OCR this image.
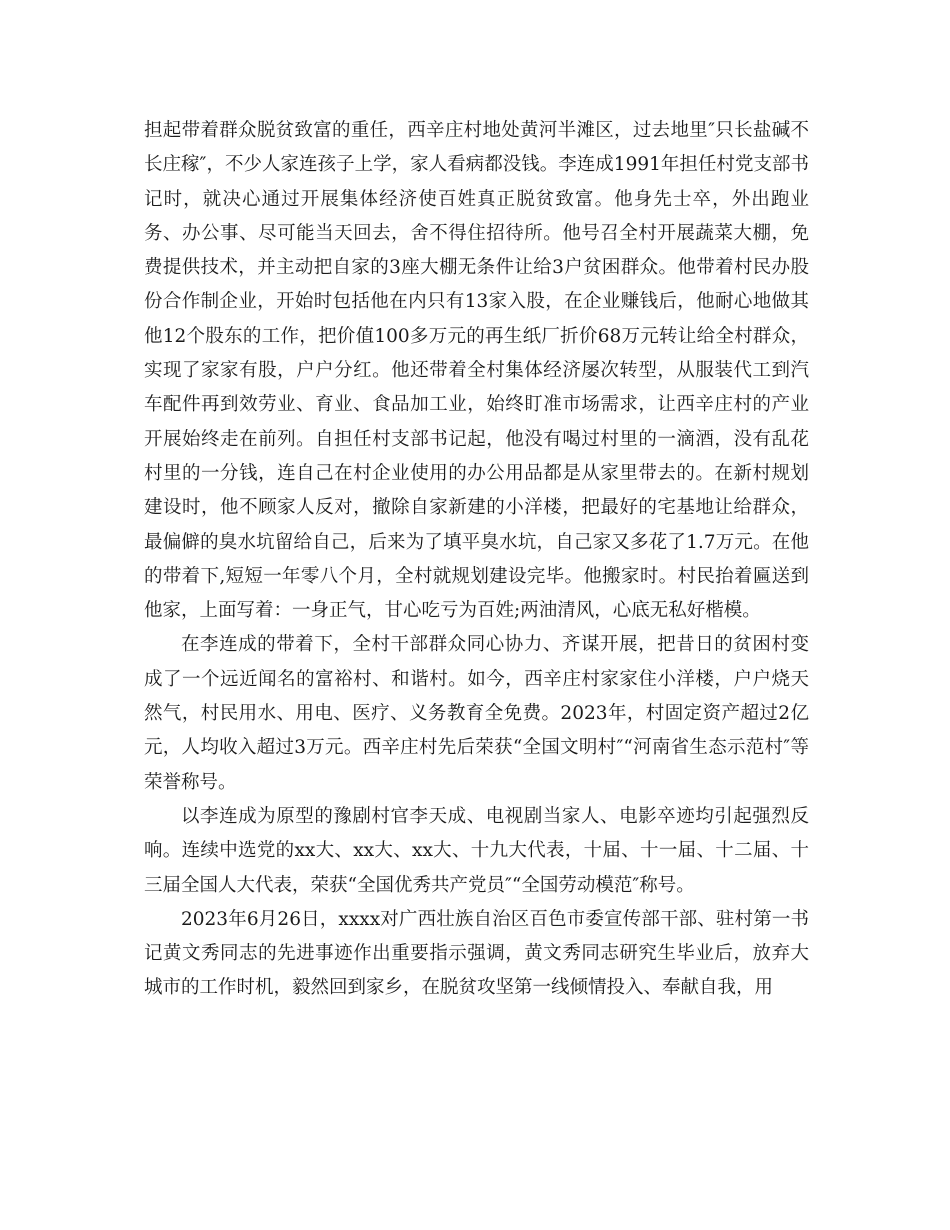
担起带着群众脱贫致富的重任，西辛庄村地处黄河半滩区，过去地里″只长盐碱不长庄稼″，不少人家连孩子上学，家人看病都没钱。李连成1991年担任村党支部书记时，就决心通过开展集体经济使百姓真正脱贫致富。他身先士卒，外出跑业务、办公事、尽可能当天回去，舍不得住招待所。他号召全村开展蔬菜大棚，免费提供技术，并主动把自家的3座大棚无条件让给3户贫困群众。他带着村民办股份合作制企业，开始时包括他在内只有13家入股，在企业赚钱后，他耐心地做其他12个股东的工作，把价值100多万元的再生纸厂折价68万元转让给全村群众，实现了家家有股，户户分红。他还带着全村集体经济屡次转型，从服装代工到汽车配件再到效劳业、育业、食品加工业，始终盯准市场需求，让西辛庄村的产业开展始终走在前列。自担任村支部书记起，他没有喝过村里的一滴酒，没有乱花村里的一分钱，连自己在村企业使用的办公用品都是从家里带去的。在新村规划建设时，他不顾家人反对，撤除自家新建的小洋楼，把最好的宅基地让给群众，最偏僻的臭水坑留给自己，后来为了填平臭水坑，自己家又多花了1.7万元。在他的带着下,短短一年零八个月，全村就规划建设完毕。他搬家时。村民抬着匾送到他家，上面写着：一身正气，甘心吃亏为百姓;两油清风，心底无私好楷模。

在李连成的带着下，全村干部群众同心协力、齐谋开展，把昔日的贫困村变成了一个远近闻名的富裕村、和谐村。如今，西辛庄村家家住小洋楼，户户烧天然气，村民用水、用电、医疗、义务教育全免费。2023年，村固定资产超过2亿元，人均收入超过3万元。西辛庄村先后荣获“全国文明村″“河南省生态示范村″等荣誉称号。

以李连成为原型的豫剧村官李天成、电视剧当家人、电影卒迹均引起强烈反响。连续中选党的xx大、xx大、xx大、十九大代表，十届、十一届、十二届、十三届全国人大代表，荣获“全国优秀共产党员″“全国劳动模范″称号。

2023年6月26日，xxxx对广西壮族自治区百色市委宣传部干部、驻村第一书记黄文秀同志的先进事迹作出重要指示强调，黄文秀同志研究生毕业后，放弃大城市的工作时机，毅然回到家乡，在脱贫攻坚第一线倾情投入、奉献自我，用
